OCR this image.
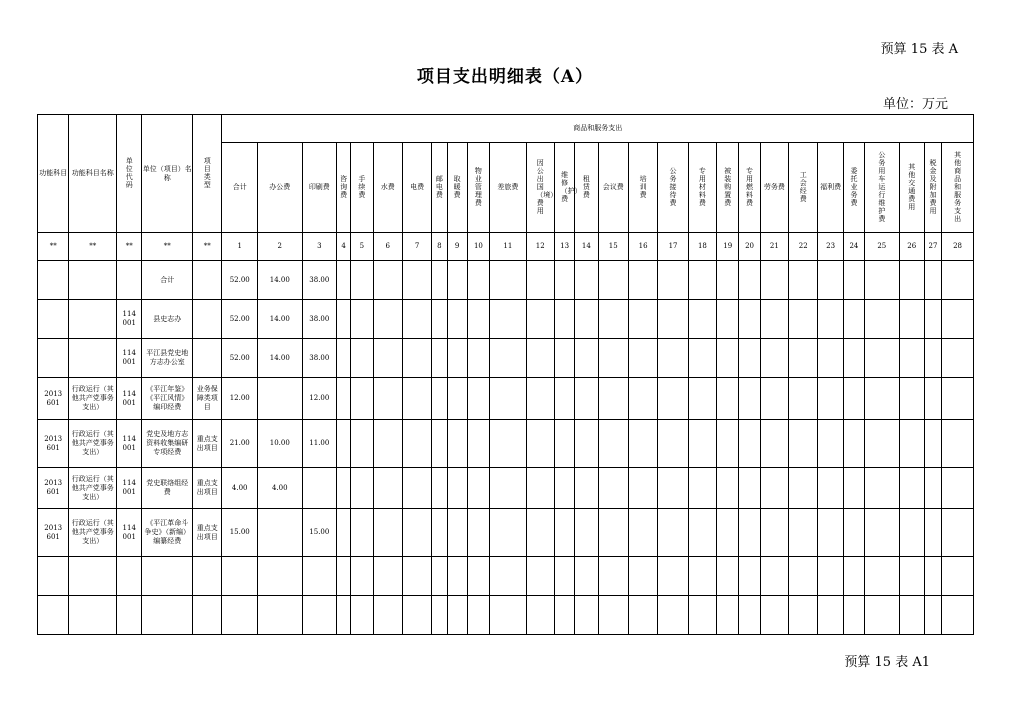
预算 15 表 A
项目支出明细表（A）
单位：万元
功能科目	功能科目名称	单位代码	单位（项目）名称	项目类型	商品和服务支出																											
					合计	办公费	印刷费	咨询费	手续费	水费	电费	邮电费	取暖费	物业管理费	差旅费	因公出国（境）费用	维修（护）费	租赁费	会议费	培训费	公务接待费	专用材料费	被装购置费	专用燃料费	劳务费	工会经费	福利费	委托业务费	公务用车运行维护费	其他交通费用	税金及附加费用	其他商品和服务支出
**	**	**	**	**	1	2	3	4	5	6	7	8	9	10	11	12	13	14	15	16	17	18	19	20	21	22	23	24	25	26	27	28
			合计		52.00	14.00	38.00																									
		114 001	县史志办		52.00	14.00	38.00																									
		114 001	平江县党史地方志办公室		52.00	14.00	38.00																									
2013 601	行政运行（其他共产党事务支出）	114 001	《平江年鉴》《平江风情》编印经费	业务保障类项目	12.00		12.00																									
2013 601	行政运行（其他共产党事务支出）	114 001	党史及地方志资料收集编研专项经费	重点支出项目	21.00	10.00	11.00																									
2013 601	行政运行（其他共产党事务支出）	114 001	党史联络组经费	重点支出项目	4.00	4.00																										
2013 601	行政运行（其他共产党事务支出）	114 001	《平江革命斗争史》（新编）编纂经费	重点支出项目	15.00		15.00																									

预算 15 表 A1
